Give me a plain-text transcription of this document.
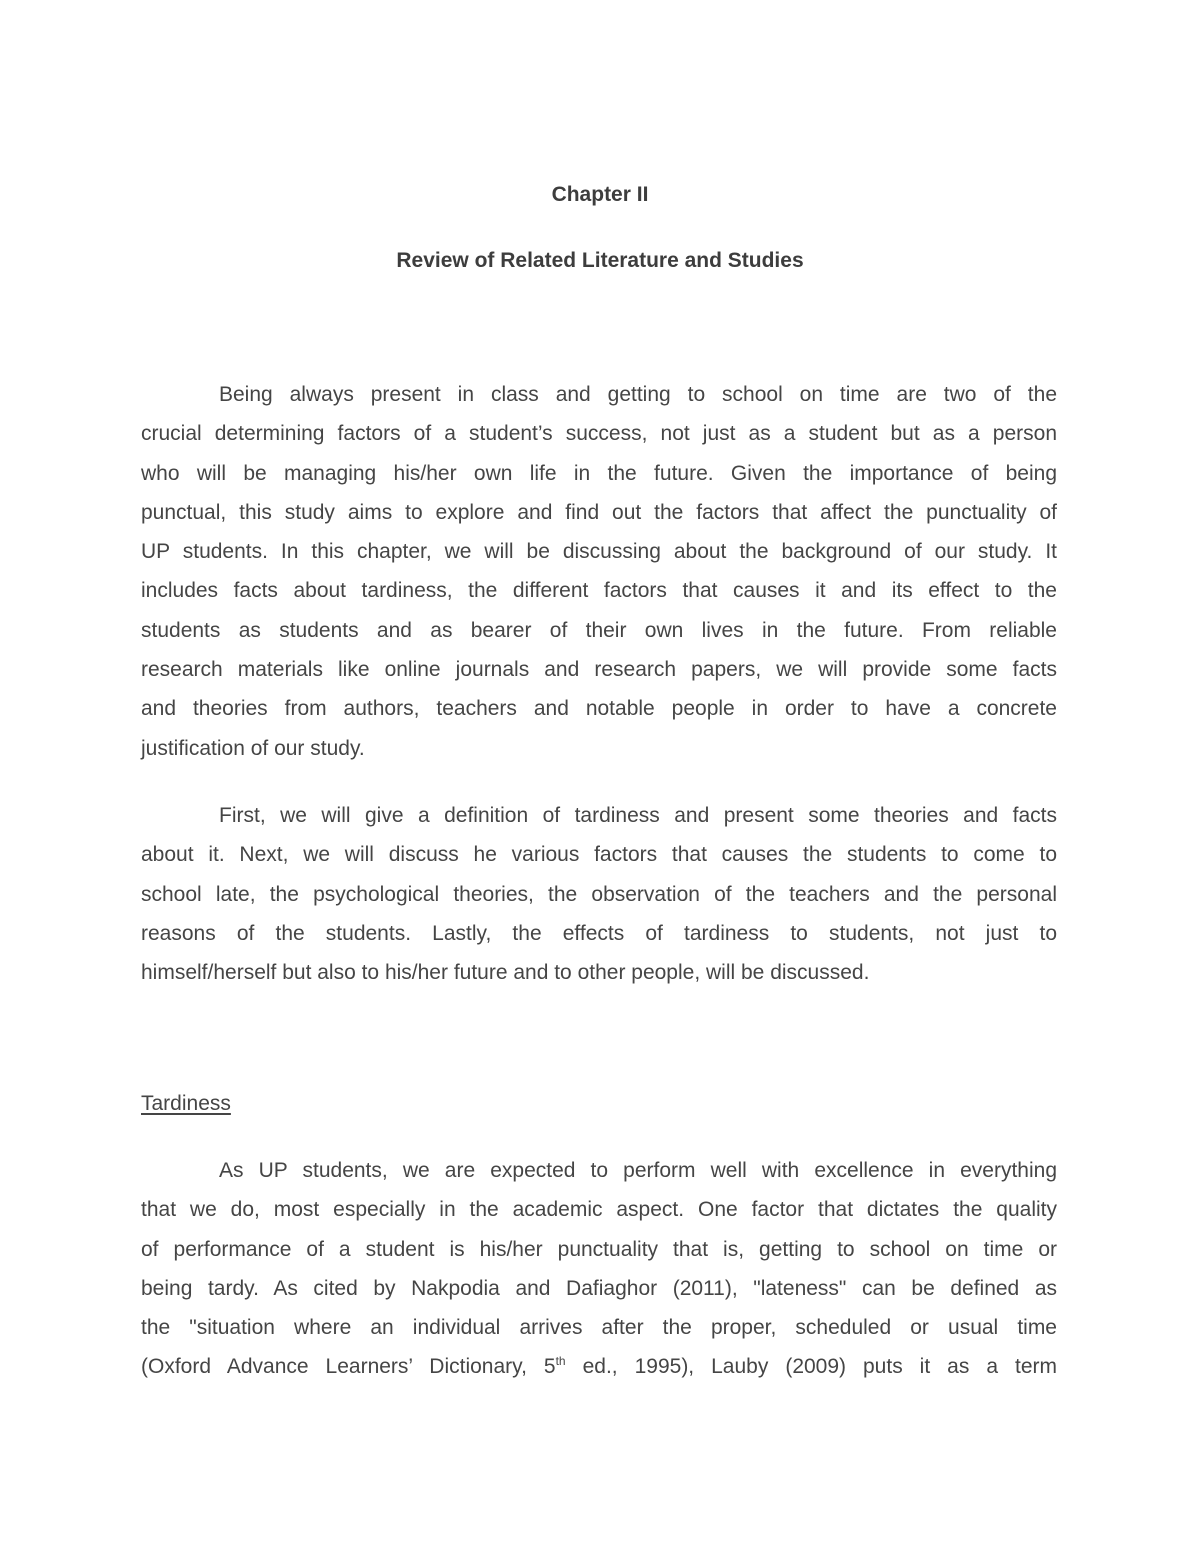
Chapter II
Review of Related Literature and Studies
Being always present in class and getting to school on time are two of the
crucial determining factors of a student’s success, not just as a student but as a person
who will be managing his/her own life in the future. Given the importance of being
punctual, this study aims to explore and find out the factors that affect the punctuality of
UP students. In this chapter, we will be discussing about the background of our study. It
includes facts about tardiness, the different factors that causes it and its effect to the
students as students and as bearer of their own lives in the future. From reliable
research materials like online journals and research papers, we will provide some facts
and theories from authors, teachers and notable people in order to have a concrete
justification of our study.
First, we will give a definition of tardiness and present some theories and facts
about it. Next, we will discuss he various factors that causes the students to come to
school late, the psychological theories, the observation of the teachers and the personal
reasons of the students. Lastly, the effects of tardiness to students, not just to
himself/herself but also to his/her future and to other people, will be discussed.
Tardiness
As UP students, we are expected to perform well with excellence in everything
that we do, most especially in the academic aspect. One factor that dictates the quality
of performance of a student is his/her punctuality that is, getting to school on time or
being tardy. As cited by Nakpodia and Dafiaghor (2011), "lateness" can be defined as
the "situation where an individual arrives after the proper, scheduled or usual time
(Oxford Advance Learners’ Dictionary, 5th ed., 1995), Lauby (2009) puts it as a term
